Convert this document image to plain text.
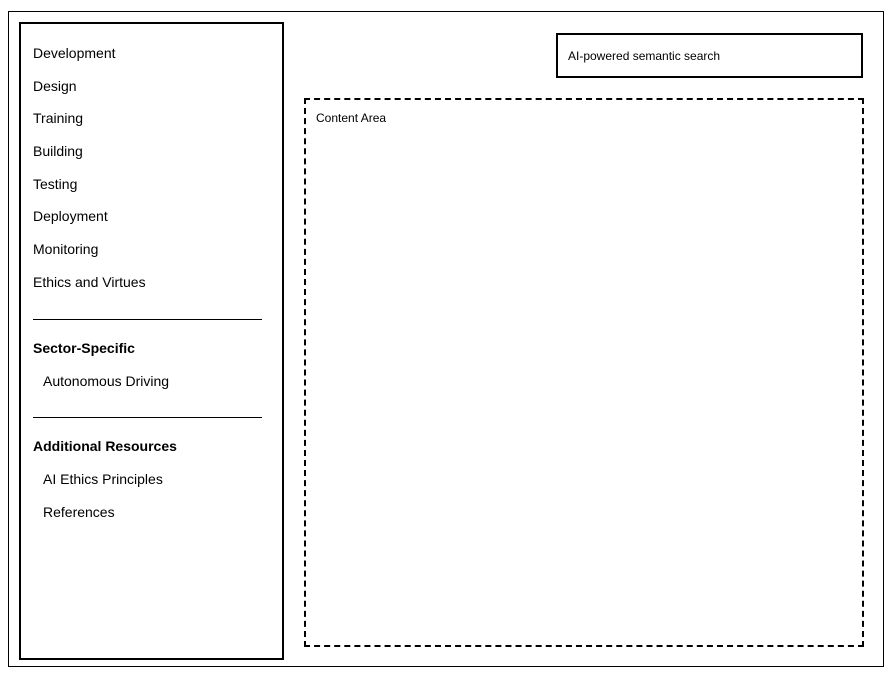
Development
Design
Training
Building
Testing
Deployment
Monitoring
Ethics and Virtues
Sector-Specific
Autonomous Driving
Additional Resources
AI Ethics Principles
References
AI-powered semantic search
Content Area
